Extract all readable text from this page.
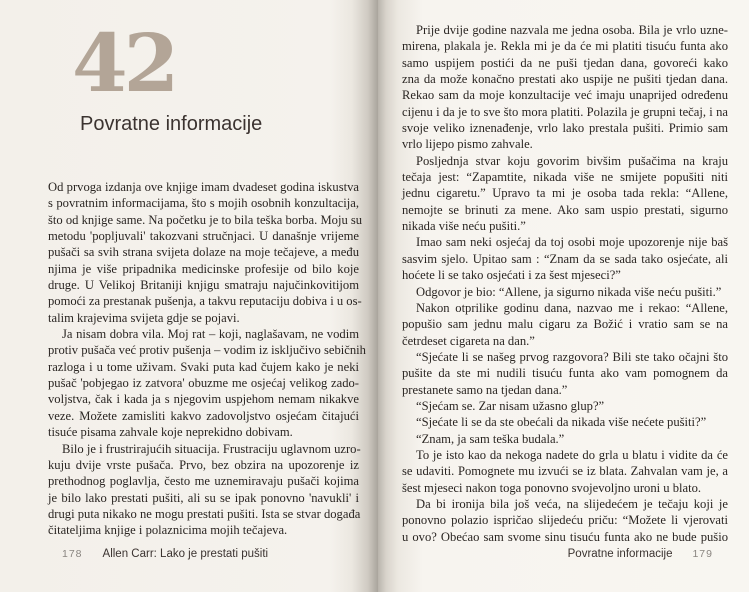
42
Povratne informacije
Od prvoga izdanja ove knjige imam dvadeset godina iskustva
s povratnim informacijama, što s mojih osobnih konzultacija,
što od knjige same. Na početku je to bila teška borba. Moju su
metodu 'popljuvali' takozvani stručnjaci. U današnje vrijeme
pušači sa svih strana svijeta dolaze na moje tečajeve, a među
njima je više pripadnika medicinske profesije od bilo koje
druge. U Velikoj Britaniji knjigu smatraju najučinkovitijom
pomoći za prestanak pušenja, a takvu reputaciju dobiva i u os-
talim krajevima svijeta gdje se pojavi.
Ja nisam dobra vila. Moj rat – koji, naglašavam, ne vodim
protiv pušača već protiv pušenja – vodim iz isključivo sebičnih
razloga i u tome uživam. Svaki puta kad čujem kako je neki
pušač 'pobjegao iz zatvora' obuzme me osjećaj velikog zado-
voljstva, čak i kada ja s njegovim uspjehom nemam nikakve
veze. Možete zamisliti kakvo zadovoljstvo osjećam čitajući
tisuće pisama zahvale koje neprekidno dobivam.
Bilo je i frustrirajućih situacija. Frustraciju uglavnom uzro-
kuju dvije vrste pušača. Prvo, bez obzira na upozorenje iz
prethodnog poglavlja, često me uznemiravaju pušači kojima
je bilo lako prestati pušiti, ali su se ipak ponovno 'navukli' i
drugi puta nikako ne mogu prestati pušiti. Ista se stvar događa
čitateljima knjige i polaznicima mojih tečajeva.
178 Allen Carr: Lako je prestati pušiti
Prije dvije godine nazvala me jedna osoba. Bila je vrlo uzne-
mirena, plakala je. Rekla mi je da će mi platiti tisuću funta ako
samo uspijem postići da ne puši tjedan dana, govoreći kako
zna da može konačno prestati ako uspije ne pušiti tjedan dana.
Rekao sam da moje konzultacije već imaju unaprijed određenu
cijenu i da je to sve što mora platiti. Polazila je grupni tečaj, i na
svoje veliko iznenađenje, vrlo lako prestala pušiti. Primio sam
vrlo lijepo pismo zahvale.
Posljednja stvar koju govorim bivšim pušačima na kraju
tečaja jest: “Zapamtite, nikada više ne smijete popušiti niti
jednu cigaretu.” Upravo ta mi je osoba tada rekla: “Allene,
nemojte se brinuti za mene. Ako sam uspio prestati, sigurno
nikada više neću pušiti.”
Imao sam neki osjećaj da toj osobi moje upozorenje nije baš
sasvim sjelo. Upitao sam : “Znam da se sada tako osjećate, ali
hoćete li se tako osjećati i za šest mjeseci?”
Odgovor je bio: “Allene, ja sigurno nikada više neću pušiti.”
Nakon otprilike godinu dana, nazvao me i rekao: “Allene,
popušio sam jednu malu cigaru za Božić i vratio sam se na
četrdeset cigareta na dan.”
“Sjećate li se našeg prvog razgovora? Bili ste tako očajni što
pušite da ste mi nudili tisuću funta ako vam pomognem da
prestanete samo na tjedan dana.”
“Sjećam se. Zar nisam užasno glup?”
“Sjećate li se da ste obećali da nikada više nećete pušiti?”
“Znam, ja sam teška budala.”
To je isto kao da nekoga nadete do grla u blatu i vidite da će
se udaviti. Pomognete mu izvući se iz blata. Zahvalan vam je, a
šest mjeseci nakon toga ponovno svojevoljno uroni u blato.
Da bi ironija bila još veća, na slijedećem je tečaju koji je
ponovno polazio ispričao slijedeću priču: “Možete li vjerovati
u ovo? Obećao sam svome sinu tisuću funta ako ne bude pušio
Povratne informacije 179
